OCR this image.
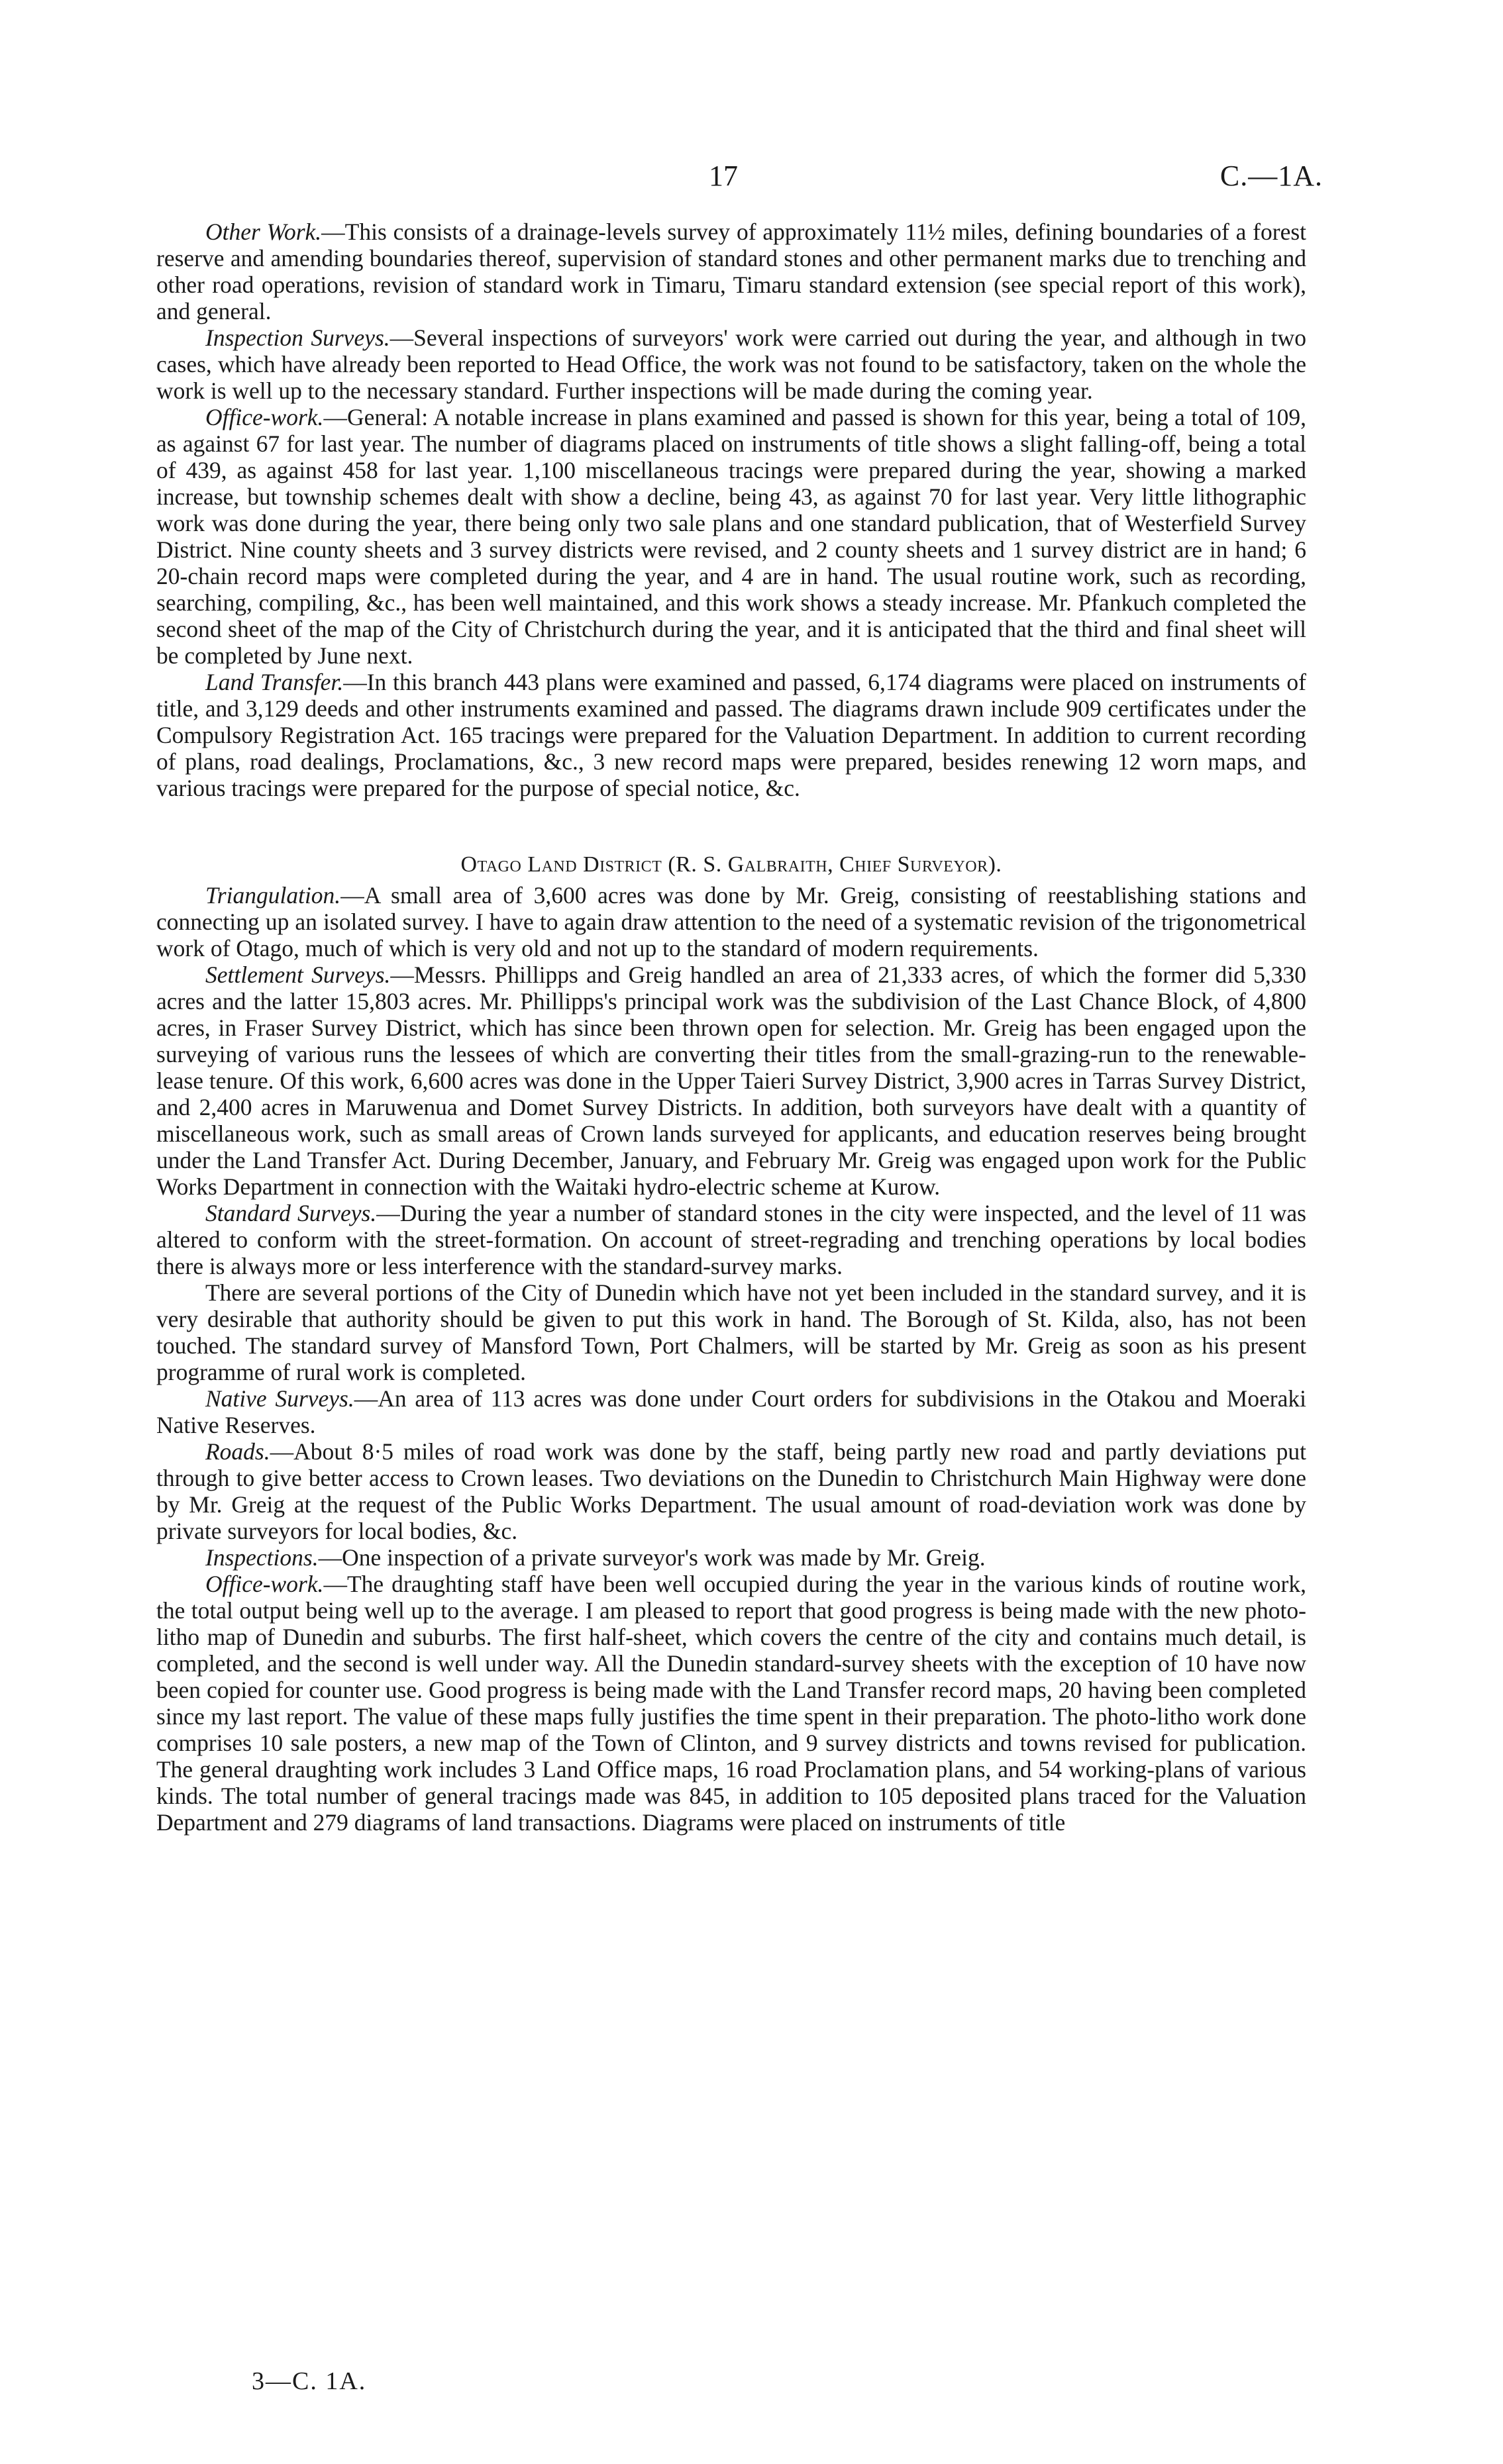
17	C.—1A.

Other Work.—This consists of a drainage-levels survey of approximately 11½ miles, defining boundaries of a forest reserve and amending boundaries thereof, supervision of standard stones and other permanent marks due to trenching and other road operations, revision of standard work in Timaru, Timaru standard extension (see special report of this work), and general.

Inspection Surveys.—Several inspections of surveyors' work were carried out during the year, and although in two cases, which have already been reported to Head Office, the work was not found to be satisfactory, taken on the whole the work is well up to the necessary standard. Further inspections will be made during the coming year.

Office-work.—General: A notable increase in plans examined and passed is shown for this year, being a total of 109, as against 67 for last year. The number of diagrams placed on instruments of title shows a slight falling-off, being a total of 439, as against 458 for last year. 1,100 miscellaneous tracings were prepared during the year, showing a marked increase, but township schemes dealt with show a decline, being 43, as against 70 for last year. Very little lithographic work was done during the year, there being only two sale plans and one standard publication, that of Westerfield Survey District. Nine county sheets and 3 survey districts were revised, and 2 county sheets and 1 survey district are in hand; 6 20-chain record maps were completed during the year, and 4 are in hand. The usual routine work, such as recording, searching, compiling, &c., has been well maintained, and this work shows a steady increase. Mr. Pfankuch completed the second sheet of the map of the City of Christchurch during the year, and it is anticipated that the third and final sheet will be completed by June next.

Land Transfer.—In this branch 443 plans were examined and passed, 6,174 diagrams were placed on instruments of title, and 3,129 deeds and other instruments examined and passed. The diagrams drawn include 909 certificates under the Compulsory Registration Act. 165 tracings were prepared for the Valuation Department. In addition to current recording of plans, road dealings, Proclamations, &c., 3 new record maps were prepared, besides renewing 12 worn maps, and various tracings were prepared for the purpose of special notice, &c.

Otago Land District (R. S. Galbraith, Chief Surveyor).

Triangulation.—A small area of 3,600 acres was done by Mr. Greig, consisting of reestablishing stations and connecting up an isolated survey. I have to again draw attention to the need of a systematic revision of the trigonometrical work of Otago, much of which is very old and not up to the standard of modern requirements.

Settlement Surveys.—Messrs. Phillipps and Greig handled an area of 21,333 acres, of which the former did 5,330 acres and the latter 15,803 acres. Mr. Phillipps's principal work was the subdivision of the Last Chance Block, of 4,800 acres, in Fraser Survey District, which has since been thrown open for selection. Mr. Greig has been engaged upon the surveying of various runs the lessees of which are converting their titles from the small-grazing-run to the renewable-lease tenure. Of this work, 6,600 acres was done in the Upper Taieri Survey District, 3,900 acres in Tarras Survey District, and 2,400 acres in Maruwenua and Domet Survey Districts. In addition, both surveyors have dealt with a quantity of miscellaneous work, such as small areas of Crown lands surveyed for applicants, and education reserves being brought under the Land Transfer Act. During December, January, and February Mr. Greig was engaged upon work for the Public Works Department in connection with the Waitaki hydro-electric scheme at Kurow.

Standard Surveys.—During the year a number of standard stones in the city were inspected, and the level of 11 was altered to conform with the street-formation. On account of street-regrading and trenching operations by local bodies there is always more or less interference with the standard-survey marks.

There are several portions of the City of Dunedin which have not yet been included in the standard survey, and it is very desirable that authority should be given to put this work in hand. The Borough of St. Kilda, also, has not been touched. The standard survey of Mansford Town, Port Chalmers, will be started by Mr. Greig as soon as his present programme of rural work is completed.

Native Surveys.—An area of 113 acres was done under Court orders for subdivisions in the Otakou and Moeraki Native Reserves.

Roads.—About 8·5 miles of road work was done by the staff, being partly new road and partly deviations put through to give better access to Crown leases. Two deviations on the Dunedin to Christchurch Main Highway were done by Mr. Greig at the request of the Public Works Department. The usual amount of road-deviation work was done by private surveyors for local bodies, &c.

Inspections.—One inspection of a private surveyor's work was made by Mr. Greig.

Office-work.—The draughting staff have been well occupied during the year in the various kinds of routine work, the total output being well up to the average. I am pleased to report that good progress is being made with the new photo-litho map of Dunedin and suburbs. The first half-sheet, which covers the centre of the city and contains much detail, is completed, and the second is well under way. All the Dunedin standard-survey sheets with the exception of 10 have now been copied for counter use. Good progress is being made with the Land Transfer record maps, 20 having been completed since my last report. The value of these maps fully justifies the time spent in their preparation. The photo-litho work done comprises 10 sale posters, a new map of the Town of Clinton, and 9 survey districts and towns revised for publication. The general draughting work includes 3 Land Office maps, 16 road Proclamation plans, and 54 working-plans of various kinds. The total number of general tracings made was 845, in addition to 105 deposited plans traced for the Valuation Department and 279 diagrams of land transactions. Diagrams were placed on instruments of title

3—C. 1A.
